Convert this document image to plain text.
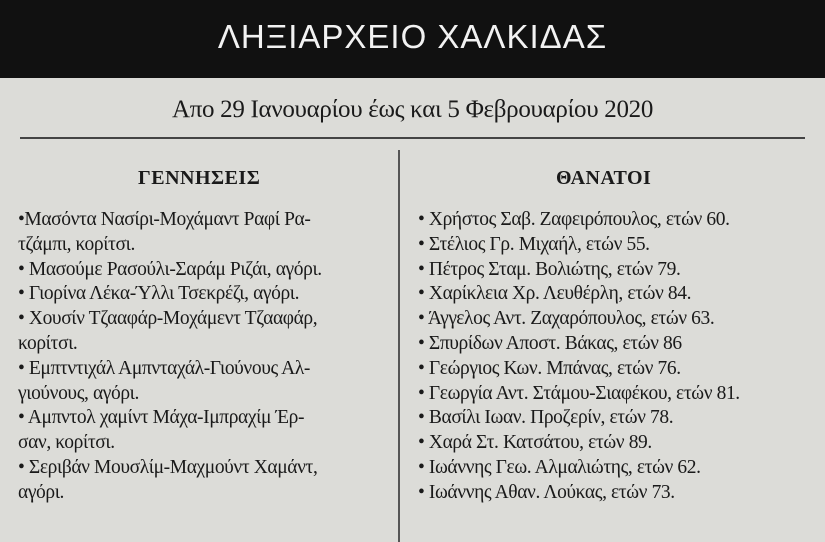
ΛΗΞΙΑΡΧΕΙΟ ΧΑΛΚΙΔΑΣ
Απο 29 Ιανουαρίου έως και 5 Φεβρουαρίου 2020
ΓΕΝΝΗΣΕΙΣ	ΘΑΝΑΤΟΙ
•Μασόντα Νασίρι-Μοχάμαντ Ραφί Ρα-
τζάμπι, κορίτσι.
• Μασούμε Ρασούλι-Σαράμ Ριζάι, αγόρι.
• Γιορίνα Λέκα-Ύλλι Τσεκρέζι, αγόρι.
• Χουσίν Τζααφάρ-Μοχάμεντ Τζααφάρ,
κορίτσι.
• Εμπτντιχάλ Αμπνταχάλ-Γιούνους Αλ-
γιούνους, αγόρι.
• Αμπντολ χαμίντ Μάχα-Ιμπραχίμ Έρ-
σαν, κορίτσι.
• Σεριβάν Μουσλίμ-Μαχμούντ Χαμάντ,
αγόρι.
• Χρήστος Σαβ. Ζαφειρόπουλος, ετών 60.
• Στέλιος Γρ. Μιχαήλ, ετών 55.
• Πέτρος Σταμ. Βολιώτης, ετών 79.
• Χαρίκλεια Χρ. Λευθέρλη, ετών 84.
• Άγγελος Αντ. Ζαχαρόπουλος, ετών 63.
• Σπυρίδων Αποστ. Βάκας, ετών 86
• Γεώργιος Κων. Μπάνας, ετών 76.
• Γεωργία Αντ. Στάμου-Σιαφέκου, ετών 81.
• Βασίλι Ιωαν. Προζερίν, ετών 78.
• Χαρά Στ. Κατσάτου, ετών 89.
• Ιωάννης Γεω. Αλμαλιώτης, ετών 62.
• Ιωάννης Αθαν. Λούκας, ετών 73.
